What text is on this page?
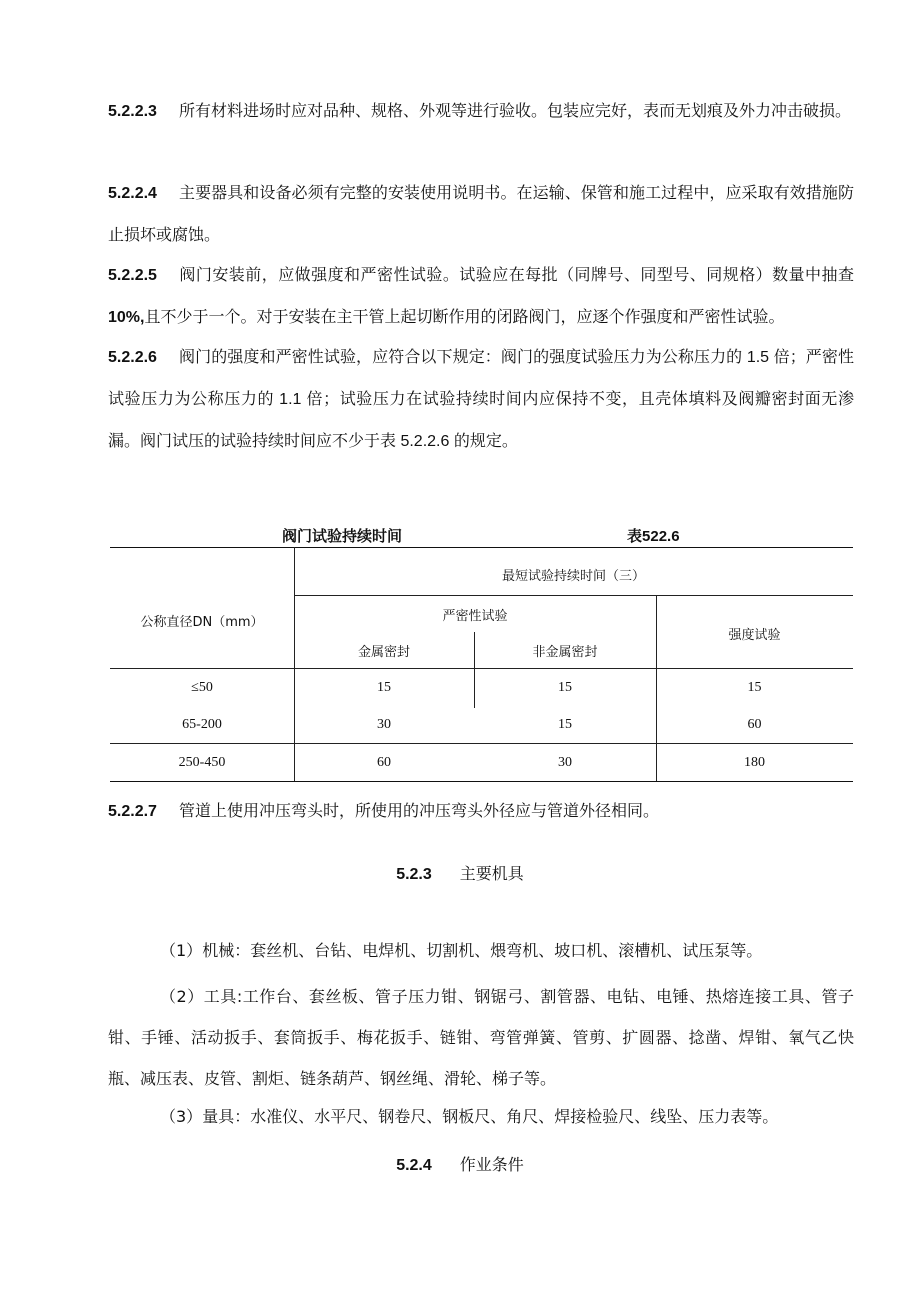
5.2.2.3 所有材料进场时应对品种、规格、外观等进行验收。包装应完好，表而无划痕及外力冲击破损。
5.2.2.4 主要器具和设备必须有完整的安装使用说明书。在运输、保管和施工过程中，应采取有效措施防止损坏或腐蚀。
5.2.2.5 阀门安装前，应做强度和严密性试验。试验应在每批（同牌号、同型号、同规格）数量中抽查10%,且不少于一个。对于安装在主干管上起切断作用的闭路阀门，应逐个作强度和严密性试验。
5.2.2.6 阀门的强度和严密性试验，应符合以下规定：阀门的强度试验压力为公称压力的 1.5 倍；严密性试验压力为公称压力的 1.1 倍；试验压力在试验持续时间内应保持不变，且壳体填料及阀瓣密封面无渗漏。阀门试压的试验持续时间应不少于表 5.2.2.6 的规定。
阀门试验持续时间	表522.6
公称直径DN（mm）
最短试验持续时间（三）
严密性试验
金属密封	非金属密封
强度试验
≤50	15	15	15
65-200	30	15	60
250-450	60	30	180
5.2.2.7 管道上使用冲压弯头时，所使用的冲压弯头外径应与管道外径相同。
5.2.3 主要机具
（1）机械：套丝机、台钻、电焊机、切割机、煨弯机、坡口机、滚槽机、试压泵等。
（2）工具:工作台、套丝板、管子压力钳、钢锯弓、割管器、电钻、电锤、热熔连接工具、管子钳、手锤、活动扳手、套筒扳手、梅花扳手、链钳、弯管弹簧、管剪、扩圆器、捻凿、焊钳、氧气乙快瓶、减压表、皮管、割炬、链条葫芦、钢丝绳、滑轮、梯子等。
（3）量具：水准仪、水平尺、钢卷尺、钢板尺、角尺、焊接检验尺、线坠、压力表等。
5.2.4 作业条件
